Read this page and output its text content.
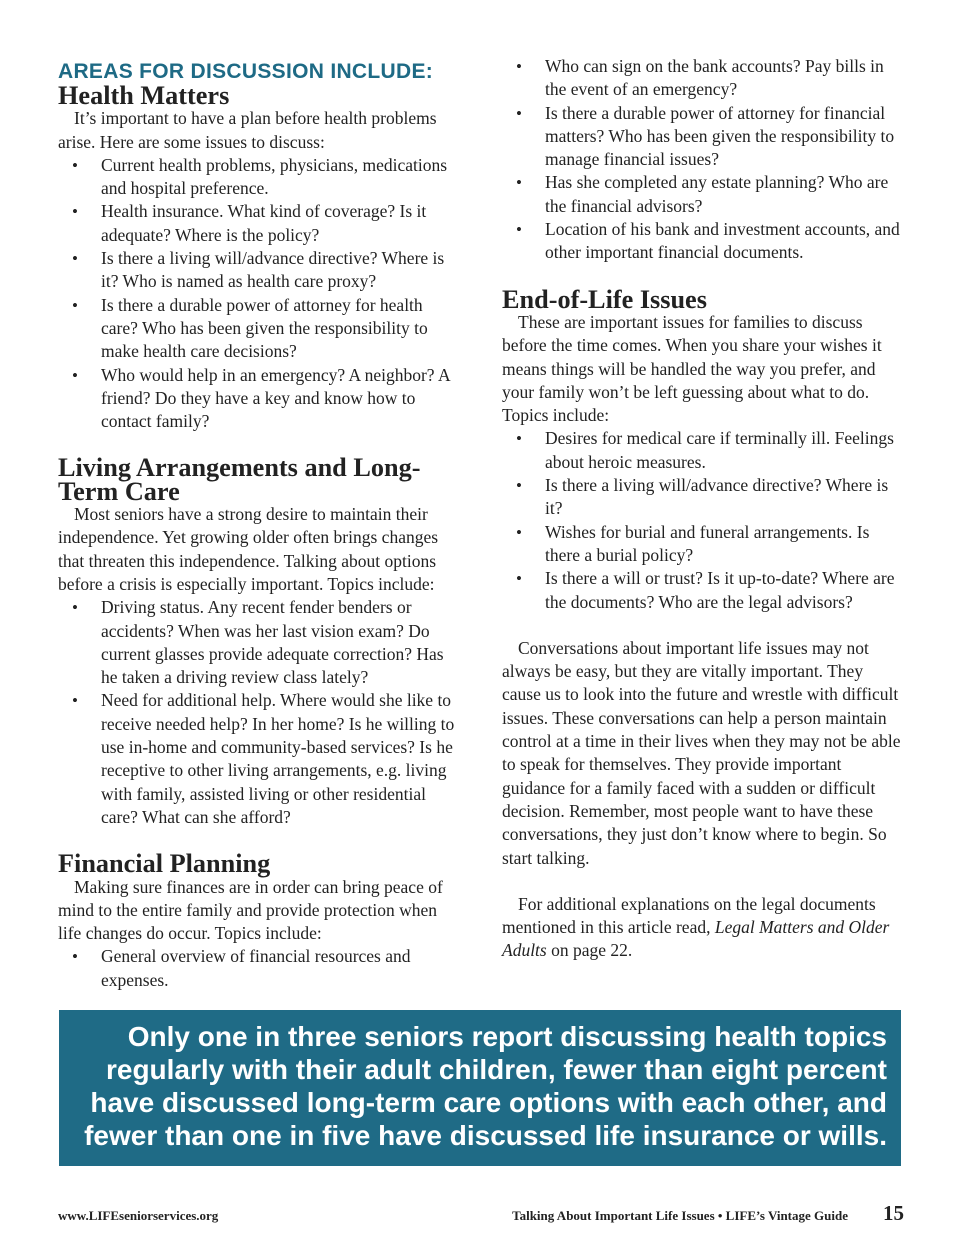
AREAS FOR DISCUSSION INCLUDE:
Health Matters

It’s important to have a plan before health problems arise. Here are some issues to discuss:

• Current health problems, physicians, medications and hospital preference.
• Health insurance. What kind of coverage? Is it adequate? Where is the policy?
• Is there a living will/advance directive? Where is it? Who is named as health care proxy?
• Is there a durable power of attorney for health care? Who has been given the responsibility to make health care decisions?
• Who would help in an emergency? A neighbor? A friend? Do they have a key and know how to contact family?
Living Arrangements and Long-Term Care

Most seniors have a strong desire to maintain their independence. Yet growing older often brings changes that threaten this independence. Talking about options before a crisis is especially important. Topics include:

• Driving status. Any recent fender benders or accidents? When was her last vision exam? Do current glasses provide adequate correction? Has he taken a driving review class lately?
• Need for additional help. Where would she like to receive needed help? In her home? Is he willing to use in-home and community-based services? Is he receptive to other living arrangements, e.g. living with family, assisted living or other residential care? What can she afford?
Financial Planning

Making sure finances are in order can bring peace of mind to the entire family and provide protection when life changes do occur. Topics include:

• General overview of financial resources and expenses.
• Who can sign on the bank accounts? Pay bills in the event of an emergency?
• Is there a durable power of attorney for financial matters? Who has been given the responsibility to manage financial issues?
• Has she completed any estate planning? Who are the financial advisors?
• Location of his bank and investment accounts, and other important financial documents.
End-of-Life Issues

These are important issues for families to discuss before the time comes. When you share your wishes it means things will be handled the way you prefer, and your family won’t be left guessing about what to do. Topics include:

• Desires for medical care if terminally ill. Feelings about heroic measures.
• Is there a living will/advance directive? Where is it?
• Wishes for burial and funeral arrangements. Is there a burial policy?
• Is there a will or trust? Is it up-to-date? Where are the documents? Who are the legal advisors?

Conversations about important life issues may not always be easy, but they are vitally important. They cause us to look into the future and wrestle with difficult issues. These conversations can help a person maintain control at a time in their lives when they may not be able to speak for themselves. They provide important guidance for a family faced with a sudden or difficult decision. Remember, most people want to have these conversations, they just don’t know where to begin. So start talking.

For additional explanations on the legal documents mentioned in this article read, Legal Matters and Older Adults on page 22.

Only one in three seniors report discussing health topics regularly with their adult children, fewer than eight percent have discussed long-term care options with each other, and fewer than one in five have discussed life insurance or wills.
www.LIFEseniorservices.org	Talking About Important Life Issues • LIFE’s Vintage Guide 15
